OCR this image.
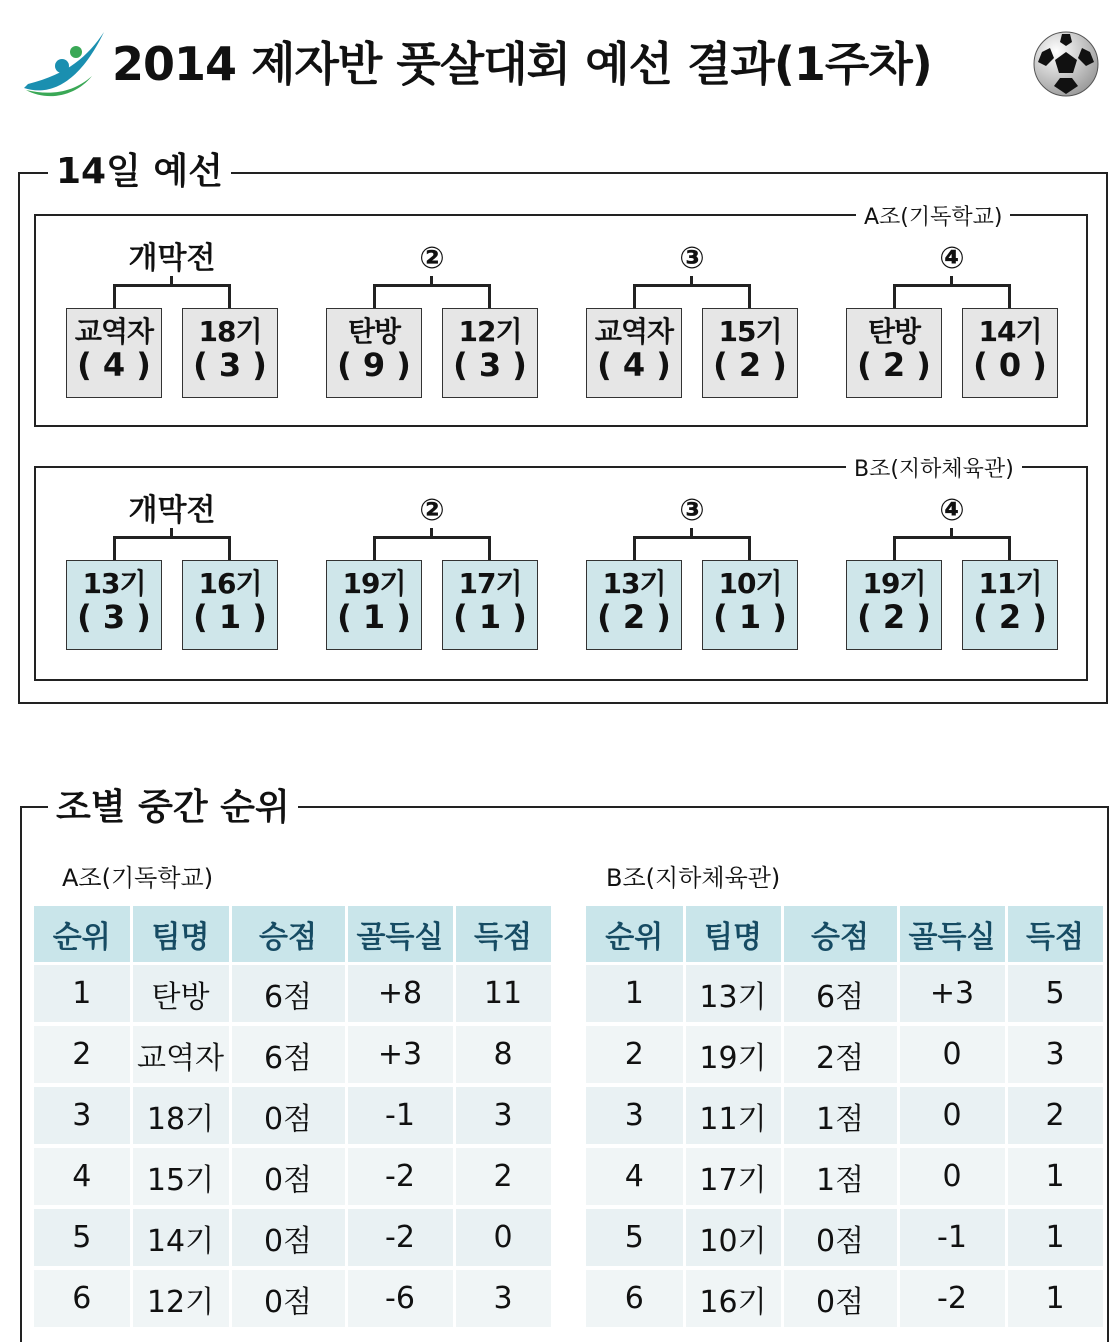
2014 제자반 풋살대회 예선 결과(1주차)
14일 예선
A조(기독학교)
개막전
교역자
( 4 )
18기
( 3 )
②
탄방
( 9 )
12기
( 3 )
③
교역자
( 4 )
15기
( 2 )
④
탄방
( 2 )
14기
( 0 )
B조(지하체육관)
개막전
13기
( 3 )
16기
( 1 )
②
19기
( 1 )
17기
( 1 )
③
13기
( 2 )
10기
( 1 )
④
19기
( 2 )
11기
( 2 )
조별 중간 순위
A조(기독학교)	B조(지하체육관)
순위	팀명	승점	골득실	득점
1	탄방	6점	+8	11
2	교역자	6점	+3	8
3	18기	0점	-1	3
4	15기	0점	-2	2
5	14기	0점	-2	0
6	12기	0점	-6	3
순위	팀명	승점	골득실	득점
1	13기	6점	+3	5
2	19기	2점	0	3
3	11기	1점	0	2
4	17기	1점	0	1
5	10기	0점	-1	1
6	16기	0점	-2	1
